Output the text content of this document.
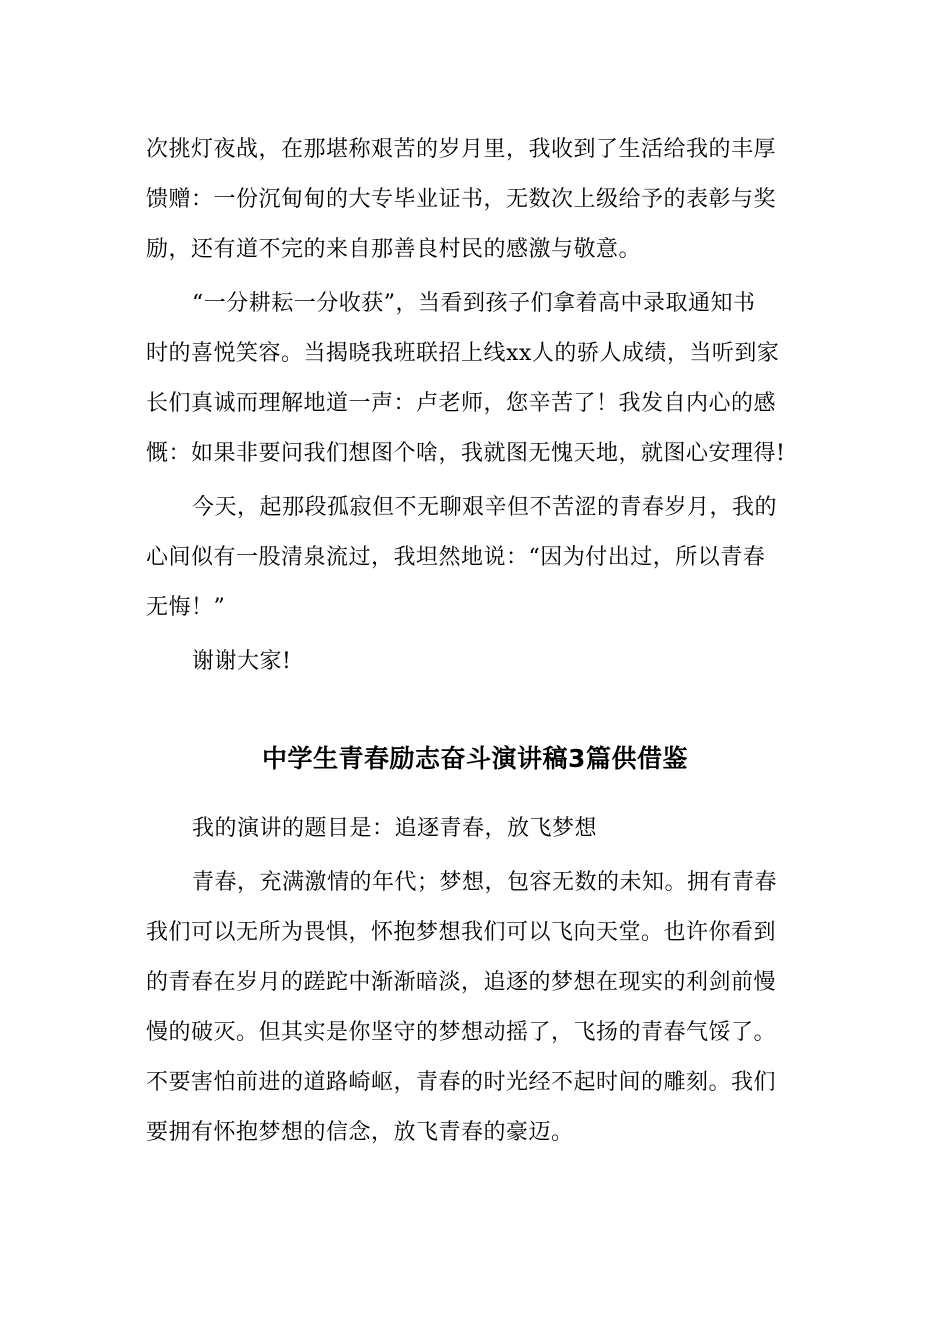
次挑灯夜战，在那堪称艰苦的岁月里，我收到了生活给我的丰厚
馈赠：一份沉甸甸的大专毕业证书，无数次上级给予的表彰与奖
励，还有道不完的来自那善良村民的感激与敬意。
“一分耕耘一分收获”，当看到孩子们拿着高中录取通知书
时的喜悦笑容。当揭晓我班联招上线xx人的骄人成绩，当听到家
长们真诚而理解地道一声：卢老师，您辛苦了！我发自内心的感
慨：如果非要问我们想图个啥，我就图无愧天地，就图心安理得!
今天，起那段孤寂但不无聊艰辛但不苦涩的青春岁月，我的
心间似有一股清泉流过，我坦然地说：“因为付出过，所以青春
无悔！”
谢谢大家!
中学生青春励志奋斗演讲稿3篇供借鉴
我的演讲的题目是：追逐青春，放飞梦想
青春，充满激情的年代；梦想，包容无数的未知。拥有青春
我们可以无所为畏惧，怀抱梦想我们可以飞向天堂。也许你看到
的青春在岁月的蹉跎中渐渐暗淡，追逐的梦想在现实的利剑前慢
慢的破灭。但其实是你坚守的梦想动摇了，飞扬的青春气馁了。
不要害怕前进的道路崎岖，青春的时光经不起时间的雕刻。我们
要拥有怀抱梦想的信念，放飞青春的豪迈。
